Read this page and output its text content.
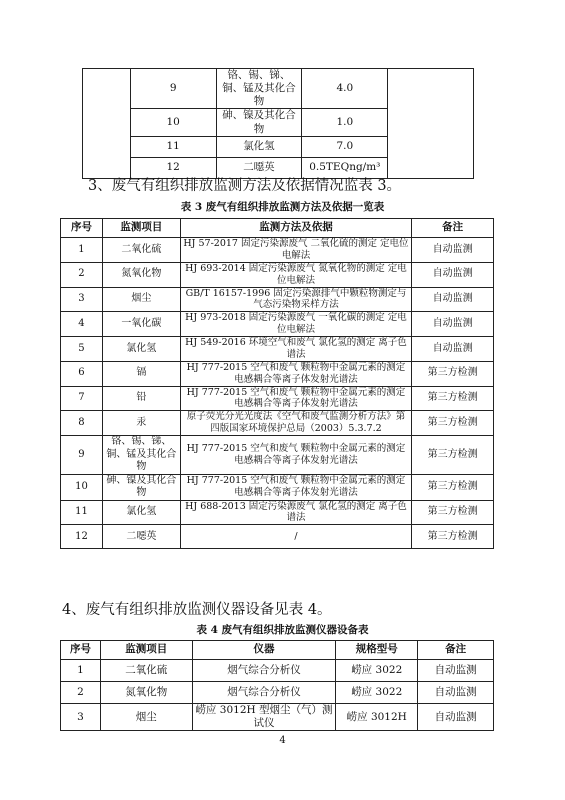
	9	铬、锡、锑、铜、锰及其化合物	4.0	
	10	砷、镍及其化合物	1.0	
	11	氯化氢	7.0	
	12	二噁英	0.5TEQng/m³	
3、废气有组织排放监测方法及依据情况监表 3。
表 3 废气有组织排放监测方法及依据一览表
序号	监测项目	监测方法及依据	备注
1	二氧化硫	HJ 57-2017 固定污染源废气 二氧化硫的测定 定电位电解法	自动监测
2	氮氧化物	HJ 693-2014 固定污染源废气 氮氧化物的测定 定电位电解法	自动监测
3	烟尘	GB/T 16157-1996 固定污染源排气中颗粒物测定与气态污染物采样方法	自动监测
4	一氧化碳	HJ 973-2018 固定污染源废气 一氧化碳的测定 定电位电解法	自动监测
5	氯化氢	HJ 549-2016 环境空气和废气 氯化氢的测定 离子色谱法	自动监测
6	镉	HJ 777-2015 空气和废气 颗粒物中金属元素的测定 电感耦合等离子体发射光谱法	第三方检测
7	铅	HJ 777-2015 空气和废气 颗粒物中金属元素的测定 电感耦合等离子体发射光谱法	第三方检测
8	汞	原子荧光分光光度法《空气和废气监测分析方法》第四版国家环境保护总局（2003）5.3.7.2	第三方检测
9	铬、锡、锑、铜、锰及其化合物	HJ 777-2015 空气和废气 颗粒物中金属元素的测定 电感耦合等离子体发射光谱法	第三方检测
10	砷、镍及其化合物	HJ 777-2015 空气和废气 颗粒物中金属元素的测定 电感耦合等离子体发射光谱法	第三方检测
11	氯化氢	HJ 688-2013 固定污染源废气 氯化氢的测定 离子色谱法	第三方检测
12	二噁英	/	第三方检测
4、废气有组织排放监测仪器设备见表 4。
表 4 废气有组织排放监测仪器设备表
序号	监测项目	仪器	规格型号	备注
1	二氧化硫	烟气综合分析仪	崂应 3022	自动监测
2	氮氧化物	烟气综合分析仪	崂应 3022	自动监测
3	烟尘	崂应 3012H 型烟尘（气）测试仪	崂应 3012H	自动监测
4
